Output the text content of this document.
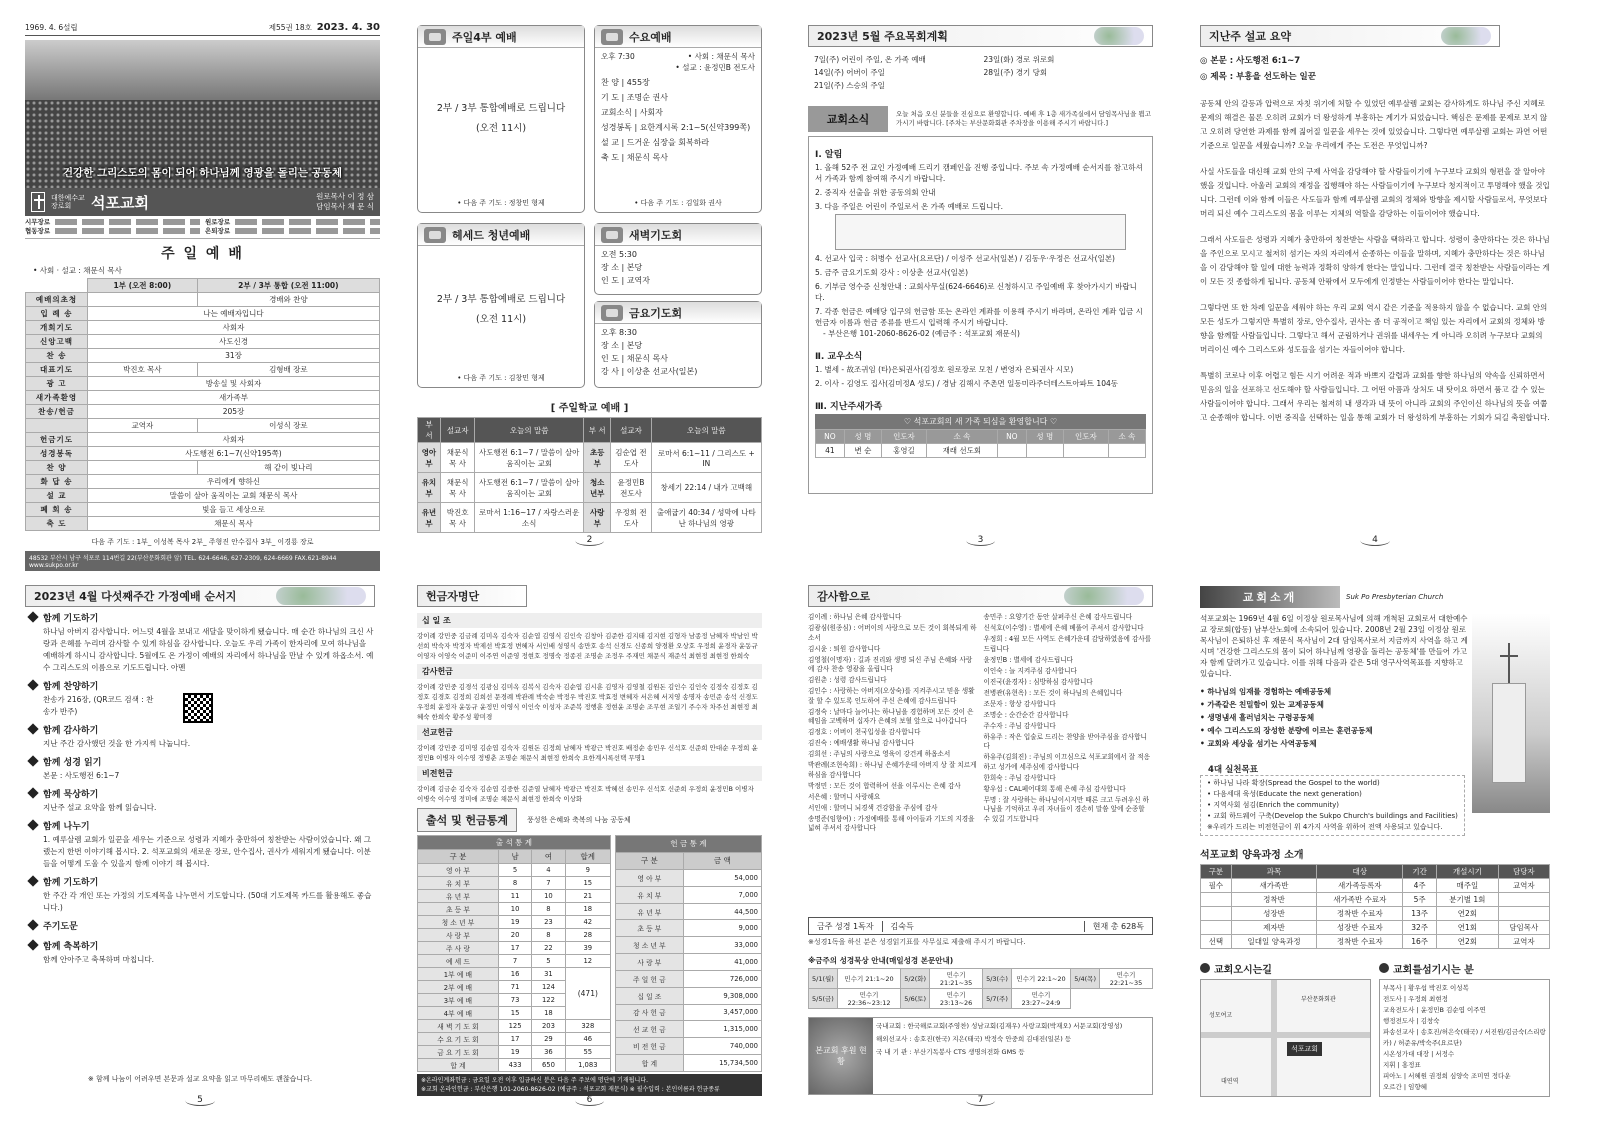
1969. 4. 6설립	제55권 18호 2023. 4. 30
건강한 그리스도의 몸이 되어 하나님께 영광을 돌리는 공동체
대한예수교 장로회	석포교회	원로목사 이 정 삼
담임목사 채 문 식
시무장로	원로장로
협동장로	은퇴장로
주 일 예 배
• 사회 · 설교 : 채문식 목사
	1부 (오전 8:00)	2부 / 3부 통합 (오전 11:00)
예배의초청		경배와 찬양
입 례 송	나는 예배자입니다	
개회기도	사회자	
신앙고백	사도신경	
찬 송	31장	
대표기도	박진호 목사	김형배 장로
광 고	방송실 및 사회자	
새가족환영	새가족부	
찬송/헌금	205장	
	교역자	이성식 장로
헌금기도	사회자	
성경봉독	사도행전 6:1~7(신약195쪽)	
찬 양		해 같이 빛나리
화 답 송	우리에게 향하신	
설 교	말씀이 살아 움직이는 교회 채문식 목사	
폐 회 송	빛을 들고 세상으로	
축 도	채문식 목사	
다음 주 기도 : 1부_ 이성복 목사 2부_ 주형진 안수집사 3부_ 이경룡 장로
48532 부산시 남구 석포로 114번길 22(부산문화회관 앞) TEL. 624-6646, 627-2309, 624-6669 FAX.621-8944 www.sukpo.or.kr
주일4부 예배
2부 / 3부 통합예배로 드립니다
(오전 11시)
• 다음 주 기도 : 정창민 형제
수요예배
오후 7:30	• 사회 : 채문식 목사
• 설교 : 윤정민B 전도사
찬 양 | 455장
기 도 | 조명순 권사
교회소식 | 사회자
성경봉독 | 요한계시록 2:1~5(신약399쪽)
설 교 | 드거운 심장을 회복하라
축 도 | 채문식 목사
• 다음 주 기도 : 김일화 권사
헤세드 청년예배
2부 / 3부 통합예배로 드립니다
(오전 11시)
• 다음 주 기도 : 김창민 형제
새벽기도회
오전 5:30
장 소 | 본당
인 도 | 교역자
금요기도회
오후 8:30
장 소 | 본당
인 도 | 채문식 목사
강 사 | 이상춘 선교사(일본)
[ 주일학교 예배 ]
부 서	설교자	오늘의 말씀	부 서	설교자	오늘의 말씀
영아부	채문식 목 사	사도행전 6:1~7 / 말씀이 살아 움직이는 교회	초등부	김순엽 전도사	로마서 6:1~11 / 그리스도 + IN
유치부	채문식 목 사	사도행전 6:1~7 / 말씀이 살아 움직이는 교회	청소년부	윤정민B 전도사	창세기 22:14 / 내가 고백해
유년부	박진호 목 사	로마서 1:16~17 / 자랑스러운 소식	사랑부	우정희 전도사	출애굽기 40:34 / 성막에 나타난 하나님의 영광
2
2023년 5월 주요목회계획
7일(주) 어린이 주일, 온 가족 예배	23일(화) 경로 위로회
14일(주) 어버이 주일	28일(주) 경기 당회
21일(주) 스승의 주일
교회소식	오늘 처음 오신 분들을 진심으로 환영합니다. 예배 후 1층 새가족실에서 담임목사님을 뵙고 가시기 바랍니다. [주차는 부산문화회관 주차장을 이용해 주시기 바랍니다.]
Ⅰ. 알림
1. 올해 52주 전 교인 가정예배 드리기 캠페인을 진행 중입니다. 주보 속 가정예배 순서지를 참고하셔서 가족과 함께 참여해 주시기 바랍니다.
2. 중직자 선출을 위한 공동의회 안내
3. 다음 주일은 어린이 주일로서 온 가족 예배로 드립니다.
4. 선교사 입국 : 허병수 선교사(요르단) / 이성주 선교사(일본) / 김동우·우정은 선교사(일본)
5. 금주 금요기도회 강사 : 이상춘 선교사(일본)
6. 기부금 영수증 신청안내 : 교회사무실(624-6646)로 신청하시고 주일예배 후 찾아가시기 바랍니다.
7. 각종 헌금은 예배당 입구의 헌금함 또는 온라인 계좌를 이용해 주시기 바라며, 온라인 계좌 입금 시 헌금자 이름과 헌금 종류를 반드시 입력해 주시기 바랍니다.
- 부산은행 101-2060-8626-02 (예금주 : 석포교회 재문식)
Ⅱ. 교우소식
1. 별세 - 故조귀임 (타)은퇴권사(김정호 원로장로 모친 / 변영자 은퇴권사 시모)
2. 이사 - 김영도 집사(김미정A 성도) / 경남 김해시 주촌면 일동미라주더테스트아파트 104동
Ⅲ. 지난주새가족
♡ 석포교회의 새 가족 되심을 환영합니다 ♡
NO	성 명	인도자	소 속	NO	성 명	인도자	소 속
41	변 순	홍영길	재래 선도회				
3
지난주 설교 요약
◎ 본문 : 사도행전 6:1~7
◎ 제목 : 부흥을 선도하는 일꾼
공동체 안의 갈등과 압력으로 자칫 위기에 처할 수 있었던 예루살렘 교회는 감사하게도 하나님 주신 지혜로 문제의 해결은 물론 오히려 교회가 더 왕성하게 부흥하는 계기가 되었습니다. 핵심은 문제를 문제로 보지 않고 오히려 당연한 과제를 함께 짊어질 일꾼을 세우는 것에 있었습니다. 그렇다면 예루살렘 교회는 과연 어떤 기준으로 일꾼을 세웠습니까? 오늘 우리에게 주는 도전은 무엇입니까?
사실 사도들을 대신해 교회 안의 구제 사역을 감당해야 할 사람들이기에 누구보다 교회의 형편을 잘 알아야 했을 것입니다. 아울러 교회의 재정을 집행해야 하는 사람들이기에 누구보다 청지적이고 투명해야 했을 것입니다. 그런데 이와 함께 이들은 사도들과 함께 예루살렘 교회의 정체와 방향을 제시할 사람들로서, 무엇보다 머리 되신 예수 그리스도의 몸을 이루는 지체의 역할을 감당하는 이들이어야 했습니다.
그래서 사도들은 성령과 지혜가 충만하여 칭찬받는 사람을 택하라고 합니다. 성령이 충만하다는 것은 하나님을 주인으로 모시고 철저히 섬기는 자의 자리에서 순종하는 이들을 말하며, 지혜가 충만하다는 것은 하나님을 이 감당해야 할 일에 대한 능력과 정확히 양하게 한다는 말입니다. 그런데 결국 칭찬받는 사람들이라는 게 이 모든 것 종합하게 됩니다. 공동체 안팎에서 모두에게 인정받는 사람들이어야 한다는 말입니다.
그렇다면 또 한 차례 일꾼을 세워야 하는 우리 교회 역시 같은 기준을 적용하지 않을 수 없습니다. 교회 안의 모든 성도가 그렇지만 특별히 장로, 안수집사, 권사는 좀 더 공적이고 책임 있는 자리에서 교회의 정체와 방향을 함께할 사람들입니다. 그렇다고 해서 군림하거나 권위를 내세우는 게 아니라 오히려 누구보다 교회의 머리이신 예수 그리스도와 성도들을 섬기는 자들이어야 합니다.
특별히 코로나 이후 어렵고 힘든 시기 어려운 적과 바쁘지 갈렵과 교회를 향한 하나님의 약속을 신뢰하면서 믿음의 일을 선포하고 선도해야 할 사람들입니다. 그 어떤 아픔과 상처도 내 탓이요 하면서 품고 갈 수 있는 사람들이어야 합니다. 그래서 우리는 철저히 내 생각과 내 뜻이 아니라 교회의 주인이신 하나님의 뜻을 여쭙고 순종해야 합니다. 이번 중직을 선택하는 일을 통해 교회가 더 왕성하게 부흥하는 기회가 되길 축원합니다.
4
2023년 4월 다섯째주간 가정예배 순서지
함께 기도하기
하나님 아버지 감사합니다. 어느덧 4월을 보내고 새달을 맞이하게 됐습니다. 매 순간 하나님의 크신 사랑과 은혜를 누리며 감사할 수 있게 하심을 감사합니다. 오늘도 우리 가족이 한자리에 모여 하나님을 예배하게 하시니 감사합니다. 5월에도 온 가정이 예배의 자리에서 하나님을 만날 수 있게 하옵소서. 예수 그리스도의 이름으로 기도드립니다. 아멘
함께 찬양하기
찬송가 216장, (QR코드 검색 : 찬송가 반주)
함께 감사하기
지난 주간 감사했던 것을 한 가지씩 나눕니다.
함께 성경 읽기
본문 : 사도행전 6:1~7
함께 묵상하기
지난주 설교 요약을 함께 읽습니다.
함께 나누기
1. 예루살렘 교회가 일꾼을 세우는 기준으로 성령과 지혜가 충만하여 칭찬받는 사람이었습니다. 왜 그랬는지 한번 이야기해 봅시다. 2. 석포교회의 새로운 장로, 안수집사, 권사가 세워지게 됐습니다. 이분들을 어떻게 도울 수 있을지 함께 이야기 해 봅시다.
함께 기도하기
한 주간 각 개인 또는 가정의 기도제목을 나누면서 기도합니다. (50대 기도제목 카드를 활용해도 좋습니다.)
주기도문
함께 축복하기
함께 안아주고 축복하며 마칩니다.
※ 함께 나눔이 어려우면 본문과 설교 요약을 읽고 마무리해도 괜찮습니다.
5
헌금자명단
십 일 조
강이례 강민중 김금례 김미옥 김숙자 김순엽 김영식 김인숙 김창아 김준한 김지태 김지현 김형자 남종정 남혜자 박남인 박선희 박숙자 박정자 박제선 박효정 변혜자 서인배 성영식 송만호 송석 신경도 신종희 양경환 오상호 우정희 윤경자 윤동규 이영자 이영숙 이준미 이주연 이준영 정현호 정명숙 정종진 조명순 조정우 주재민 채문식 재준석 최현정 최현정 한희숙
감사헌금
강이례 강민중 김경석 김광심 김미옥 김복식 김숙자 김순엽 김시훈 김영자 김영철 김원돈 김인수 김인숙 김정숙 김정호 김정호 김경호 김정희 김희선 문경례 박관례 박숙순 박정우 박진호 박효정 변혜자 서은혜 서지영 송명자 송민준 송석 신경도 우정희 윤정자 윤동규 윤정민 이영식 이인숙 이성자 조준복 정행훈 정현윤 조명순 조무현 조일기 주수자 차주선 최현정 최혜숙 한희숙 황주성 황미경
선교헌금
강이례 강민중 김미영 김순엽 김숙자 김원돈 김정희 남혜자 박광근 박진호 배정순 송민우 신석호 신준희 안대순 우정희 윤정민B 이병자 이수영 정병춘 조명순 채문식 최현정 한희숙 요한계시록선택 무명1
비전헌금
강이례 김금순 김숙자 김순엽 김중한 김준열 남혜자 박광근 박진호 박혜선 송민우 신석호 신준희 우정희 윤정민B 이병자 이병숙 이수영 정미애 조명순 채문식 최현정 한희숙 이상화
출석 및 헌금통계	풍성한 은혜와 축복의 나눔 공동체
출 석 통 계			
구 분	남	여	합계
영 아 부	5	4	9
유 치 부	8	7	15
유 년 부	11	10	21
초 등 부	10	8	18
청 소 년 부	19	23	42
사 랑 부	20	8	28
주 사 랑	17	22	39
예 세 드	7	5	12
1부 예 배	16	31	(471)
2부 예 배	71	124	
3부 예 배	73	122	
4부 예 배	15	18	
새 벽 기 도 회	125	203	328
수 요 기 도 회	17	29	46
금 요 기 도 회	19	36	55
합 계	433	650	1,083
헌 금 통 계	
구 분	금 액
영 아 부	54,000
유 치 부	7,000
유 년 부	44,500
초 등 부	9,000
청 소 년 부	33,000
사 랑 부	41,000
주 일 헌 금	726,000
십 일 조	9,308,000
감 사 헌 금	3,457,000
선 교 헌 금	1,315,000
비 전 헌 금	740,000
합 계	15,734,500
※온라인계좌헌금 : 금요일 오전 이후 입금하신 분은 다음 주 주보에 명단에 기재됩니다.
※교회 온라인헌금 : 부산은행 101-2060-8626-02 (예금주 : 석포교회 재문식) ※ 필수입력 : 본인이름과 헌금종류
6
감사함으로
김이례 : 하나님 은혜 감사합니다
김광심(원종심) : 어버이의 사랑으로 모든 것이 회복되게 하소서
김시윤 : 퇴원 감사합니다
김영철(이명자) : 길과 진리와 생명 되신 주님 은혜와 사랑에 감사 찬송 영광을 올립니다
김원춘 : 성령 감사드립니다
김인수 : 사랑하는 아버지(오상숙)를 지켜주시고 믿음 생활 잘 할 수 있도록 인도하여 주신 은혜에 감사드립니다
김정숙 : 날마다 늘어나는 하나님을 경험하며 모든 것이 은혜임을 고백하며 십자가 은혜의 보혈 앞으로 나아갑니다
김정호 : 어버이 천국입성을 감사합니다
김진숙 : 예배생활 하나님 감사합니다
김희선 : 주님의 사랑으로 영육이 강건케 하옵소서
박관례(조현숙희) : 하나님 은혜가운데 아버지 상 잘 치르게 하심을 감사합니다
박정민 : 모든 것이 합력하여 선을 이루시는 은혜 감사
서은혜 : 할머니 사랑해요
서인애 : 할머니 뇌경색 건강함을 주심에 감사
송명준(임향여) : 가정예배를 통해 아이들과 기도의 지경을 넓혀 주셔서 감사합니다
송민주 : 요양기간 동안 살펴주신 은혜 감사드립니다
신석호(이수영) : 별세에 은혜 베풀어 주셔서 감사합니다
우정희 : 4월 모든 사역도 은혜가운데 감당하였음에 감사를 드립니다
윤정민B : 별세에 감사드립니다
이인숙 : 늘 지켜주심 감사합니다
이진국(윤경자) : 심방하심 감사합니다
전병관(유현옥) : 모든 것이 하나님의 은혜입니다
조문자 : 항상 감사합니다
조명순 : 순간순간 감사합니다
주수자 : 주님 감사합니다
하유주 : 작은 입술로 드리는 찬양을 받아주심을 감사합니다
하유주(김희진) : 주님의 이끄심으로 석포교회에서 잘 적응하고 성가에 세주심에 감사합니다
한희숙 : 주님 감사합니다
황우섭 : CAL페어대회 통해 은혜 주심 감사합니다
무명 : 잘 사랑하는 하나님이시지만 때론 크고 두려우신 하나님을 기억하고 우리 자녀들이 경손히 말씀 앞에 순종할 수 있길 기도합니다
금주 성경 1독자	김숙득	현재 총 628독
※성경1독을 하신 분은 성경읽기표를 사무실로 제출해 주시기 바랍니다.
※금주의 성경묵상 안내(매일성경 본문안내)
5/1(월)	민수기 21:1~20	5/2(화)	민수기 21:21~35	5/3(수)	민수기 22:1~20	5/4(목)	민수기 22:21~35
5/5(금)	민수기 22:36~23:12	5/6(토)	민수기 23:13~26	5/7(주)	민수기 23:27~24:9		
본교회 후원 현황
국내교회 : 한국해로교회(주영찬) 성남교회(김재우) 사랑교회(박재오) 서문교회(장영성)
해외선교사 : 송호진(한국) 지은(태국) 박정숙 안중희 김대진(일본) 등
국 내 기 관 : 부산기독봉사 CTS 생명의전화 GMS 등
7
교회소개	Suk Po Presbyterian Church
석포교회는 1969년 4월 6일 이정삼 원로목사님에 의해 개척된 교회로서 대한예수교 장로회(합동) 남부산노회에 소속되어 있습니다. 2008년 2월 23일 이정삼 원로목사님이 은퇴하신 후 재문식 목사님이 2대 담임목사로서 지금까지 사역을 하고 계시며 '건강한 그리스도의 몸이 되어 하나님께 영광을 돌리는 공동체'를 만들어 가고자 함께 달려가고 있습니다. 이를 위해 다음과 같은 5대 영구사역목표를 지향하고 있습니다.
• 하나님의 임재를 경험하는 예배공동체
• 가족같은 친밀함이 있는 교제공동체
• 생명냄새 흘러넘치는 구령공동체
• 예수 그리스도의 장성한 분량에 이르는 훈련공동체
• 교회와 세상을 섬기는 사역공동체
4대 실천목표
• 하나님 나라 확장(Spread the Gospel to the world)
• 다음세대 육성(Educate the next generation)
• 지역사회 섬김(Enrich the community)
• 교회 하드웨어 구축(Develop the Sukpo Church's buildings and Facilities)
※우리가 드리는 비전헌금이 위 4가지 사역을 위하여 전액 사용되고 있습니다.
석포교회 양육과정 소개
구분	과목	대상	기간	개설시기	담당자
필수	새가족반	새가족등록자	4주	매주일	교역자
	정착반	새가족반 수료자	5주	분기별 1회	
	성장반	정착반 수료자	13주	연2회	
	제자반	성장반 수료자	32주	연1회	담임목사
선택	일대일 양육과정	정착반 수료자	16주	연2회	교역자
교회오시는길
석포교회
부산문화회관
성모여고
대연역
교회를섬기시는 분
부목사 | 황우섭 박진호 이성복
전도사 | 우정희 최현정
교육전도사 | 윤정민B 김순엽 이주연
행정전도사 | 김창숙
파송선교사 | 송호진/허은숙(태국) / 서진원/김금숙(스리랑카) / 허준유/박숙주(요르단)
시온성가대 대장 | 서정수
지휘 | 홍정표
피아노 | 서혜원 권정희 심양숙 조미연 정다운
오르간 | 임향혜
